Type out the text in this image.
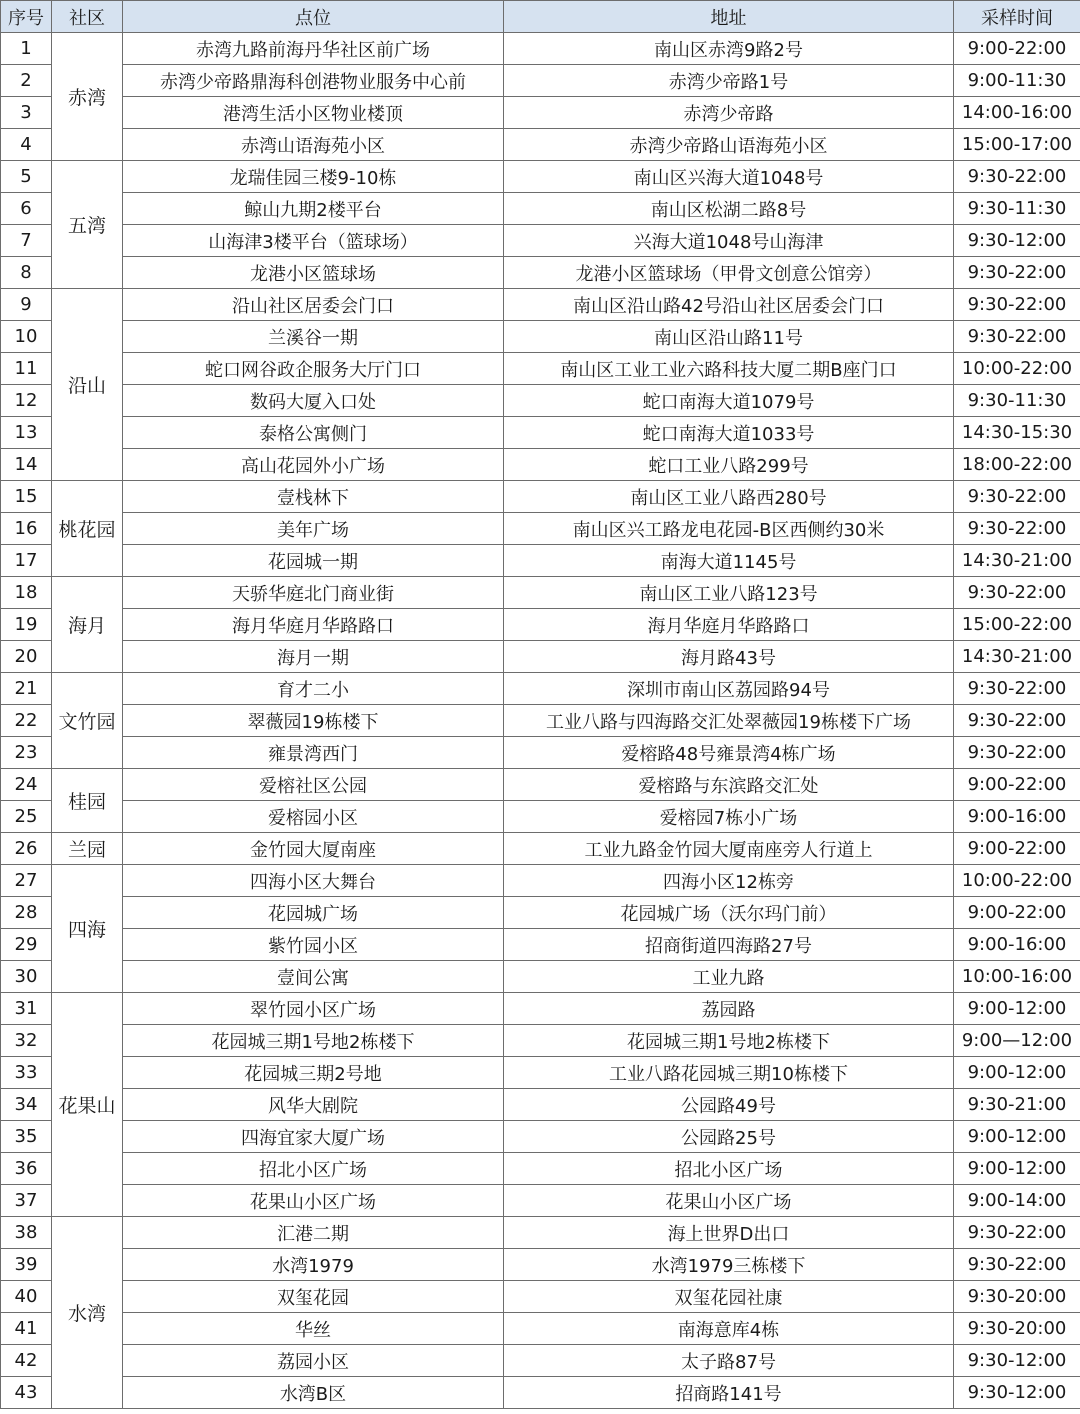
序号	社区	点位	地址	采样时间
1	赤湾	赤湾九路前海丹华社区前广场	南山区赤湾9路2号	9:00-22:00
2		赤湾少帝路鼎海科创港物业服务中心前	赤湾少帝路1号	9:00-11:30
3		港湾生活小区物业楼顶	赤湾少帝路	14:00-16:00
4		赤湾山语海苑小区	赤湾少帝路山语海苑小区	15:00-17:00
5	五湾	龙瑞佳园三楼9-10栋	南山区兴海大道1048号	9:30-22:00
6		鲸山九期2楼平台	南山区松湖二路8号	9:30-11:30
7		山海津3楼平台（篮球场）	兴海大道1048号山海津	9:30-12:00
8		龙港小区篮球场	龙港小区篮球场（甲骨文创意公馆旁）	9:30-22:00
9	沿山	沿山社区居委会门口	南山区沿山路42号沿山社区居委会门口	9:30-22:00
10		兰溪谷一期	南山区沿山路11号	9:30-22:00
11		蛇口网谷政企服务大厅门口	南山区工业工业六路科技大厦二期B座门口	10:00-22:00
12		数码大厦入口处	蛇口南海大道1079号	9:30-11:30
13		泰格公寓侧门	蛇口南海大道1033号	14:30-15:30
14		高山花园外小广场	蛇口工业八路299号	18:00-22:00
15	桃花园	壹栈林下	南山区工业八路西280号	9:30-22:00
16		美年广场	南山区兴工路龙电花园-B区西侧约30米	9:30-22:00
17		花园城一期	南海大道1145号	14:30-21:00
18	海月	天骄华庭北门商业街	南山区工业八路123号	9:30-22:00
19		海月华庭月华路路口	海月华庭月华路路口	15:00-22:00
20		海月一期	海月路43号	14:30-21:00
21	文竹园	育才二小	深圳市南山区荔园路94号	9:30-22:00
22		翠薇园19栋楼下	工业八路与四海路交汇处翠薇园19栋楼下广场	9:30-22:00
23		雍景湾西门	爱榕路48号雍景湾4栋广场	9:30-22:00
24	桂园	爱榕社区公园	爱榕路与东滨路交汇处	9:00-22:00
25		爱榕园小区	爱榕园7栋小广场	9:00-16:00
26	兰园	金竹园大厦南座	工业九路金竹园大厦南座旁人行道上	9:00-22:00
27	四海	四海小区大舞台	四海小区12栋旁	10:00-22:00
28		花园城广场	花园城广场（沃尔玛门前）	9:00-22:00
29		紫竹园小区	招商街道四海路27号	9:00-16:00
30		壹间公寓	工业九路	10:00-16:00
31	花果山	翠竹园小区广场	荔园路	9:00-12:00
32		花园城三期1号地2栋楼下	花园城三期1号地2栋楼下	9:00—12:00
33		花园城三期2号地	工业八路花园城三期10栋楼下	9:00-12:00
34		风华大剧院	公园路49号	9:30-21:00
35		四海宜家大厦广场	公园路25号	9:00-12:00
36		招北小区广场	招北小区广场	9:00-12:00
37		花果山小区广场	花果山小区广场	9:00-14:00
38	水湾	汇港二期	海上世界D出口	9:30-22:00
39		水湾1979	水湾1979三栋楼下	9:30-22:00
40		双玺花园	双玺花园社康	9:30-20:00
41		华丝	南海意库4栋	9:30-20:00
42		荔园小区	太子路87号	9:30-12:00
43		水湾B区	招商路141号	9:30-12:00
